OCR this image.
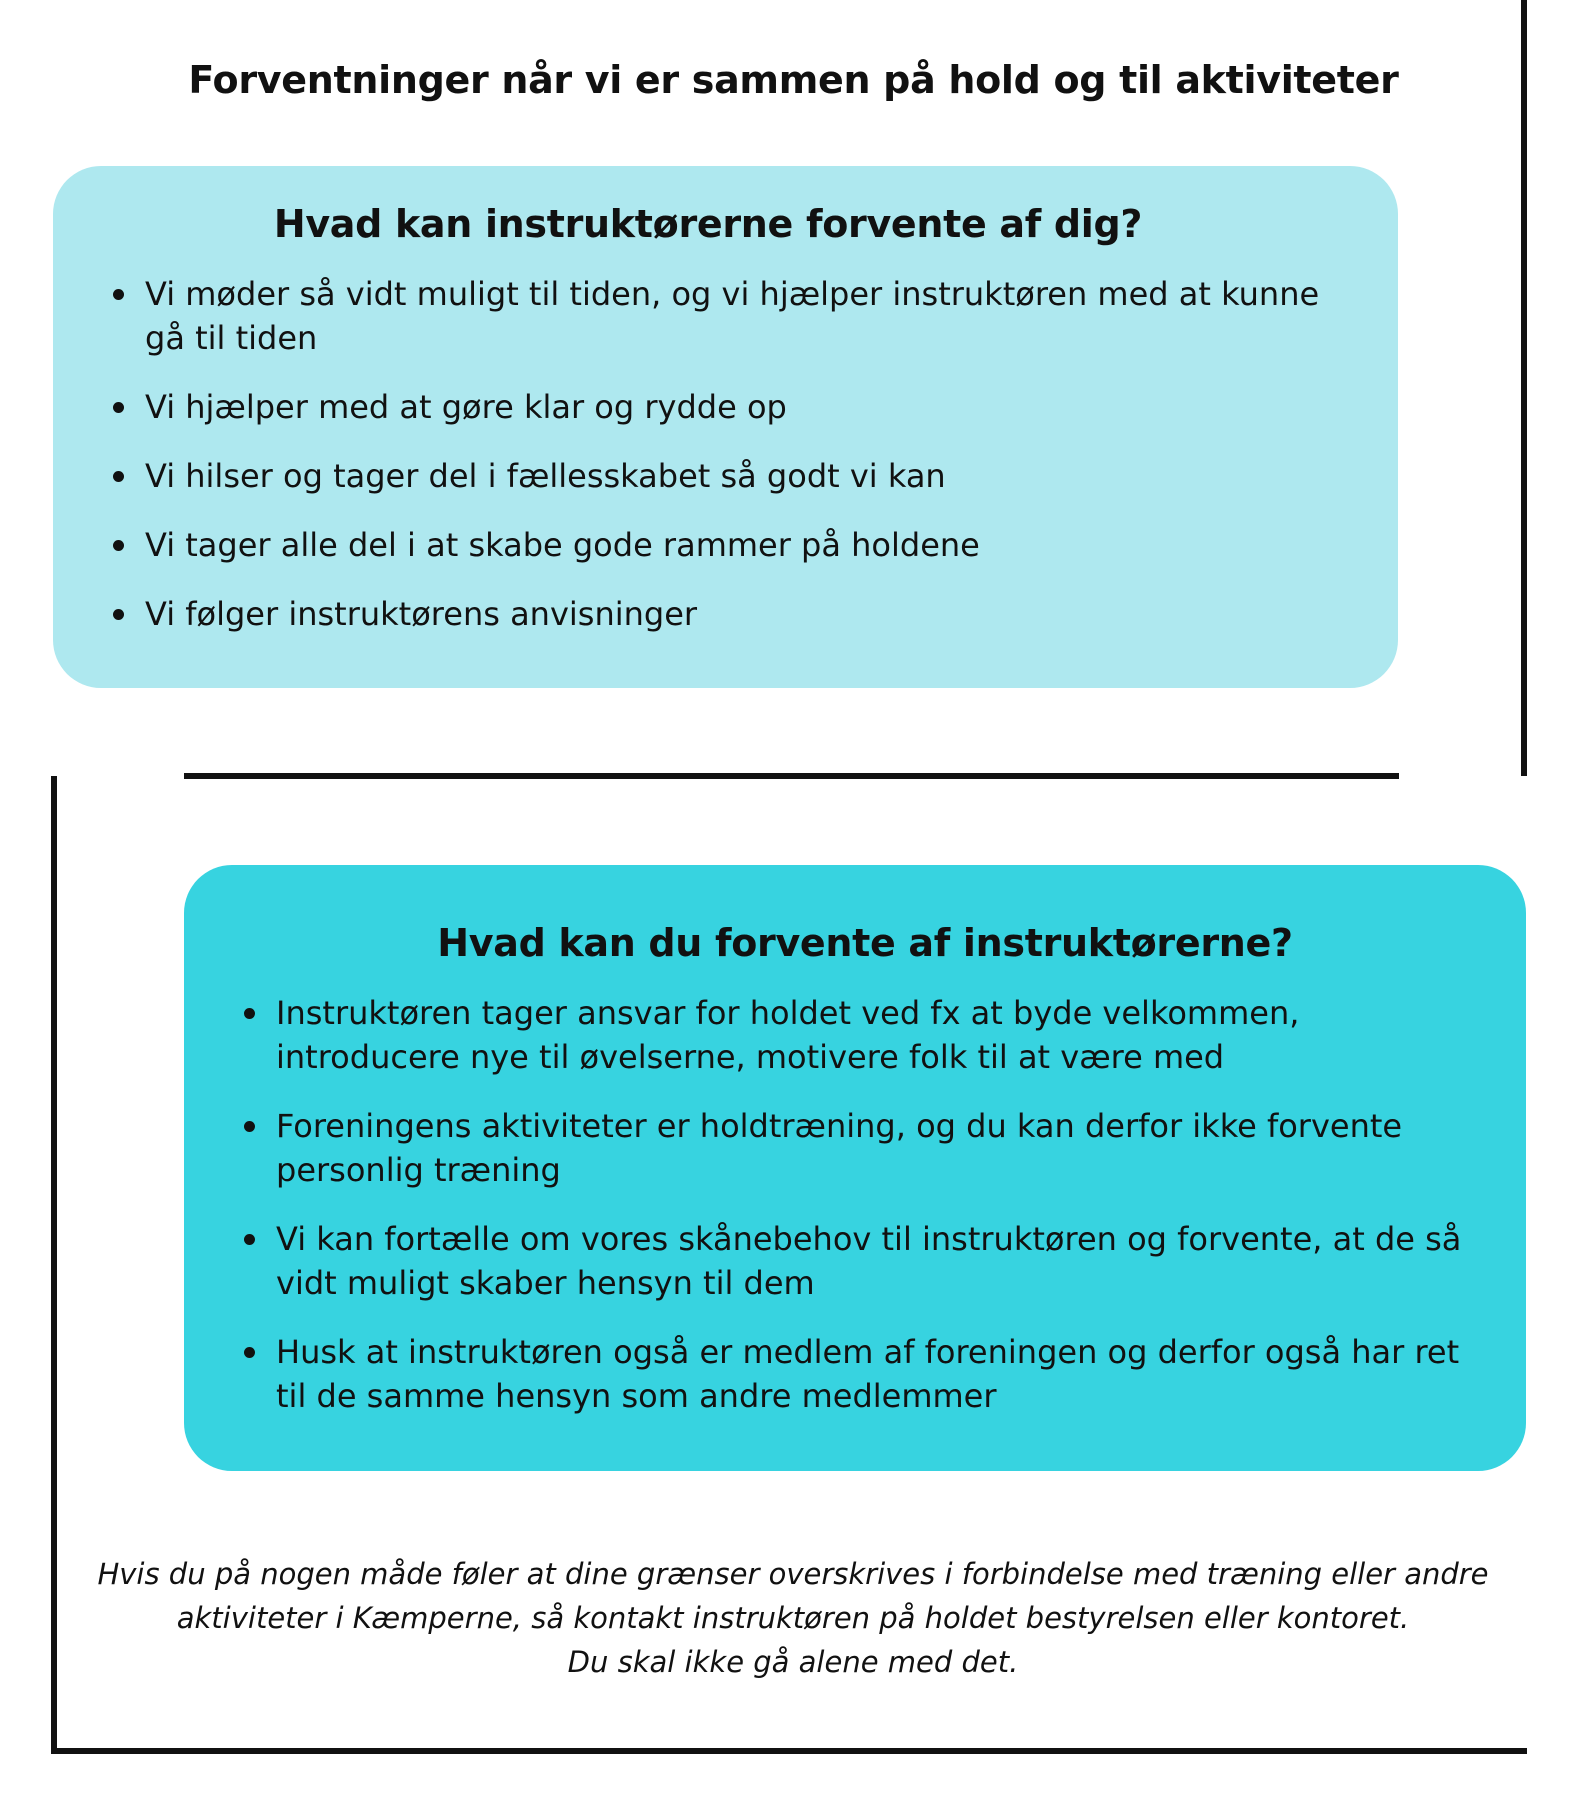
Forventninger når vi er sammen på hold og til aktiviteter
Hvad kan instruktørerne forvente af dig?
Vi møder så vidt muligt til tiden, og vi hjælper instruktøren med at kunne gå til tiden
Vi hjælper med at gøre klar og rydde op
Vi hilser og tager del i fællesskabet så godt vi kan
Vi tager alle del i at skabe gode rammer på holdene
Vi følger instruktørens anvisninger
Hvad kan du forvente af instruktørerne?
Instruktøren tager ansvar for holdet ved fx at byde velkommen, introducere nye til øvelserne, motivere folk til at være med
Foreningens aktiviteter er holdtræning, og du kan derfor ikke forvente personlig træning
Vi kan fortælle om vores skånebehov til instruktøren og forvente, at de så vidt muligt skaber hensyn til dem
Husk at instruktøren også er medlem af foreningen og derfor også har ret til de samme hensyn som andre medlemmer
Hvis du på nogen måde føler at dine grænser overskrives i forbindelse med træning eller andre
aktiviteter i Kæmperne, så kontakt instruktøren på holdet bestyrelsen eller kontoret.
Du skal ikke gå alene med det.
